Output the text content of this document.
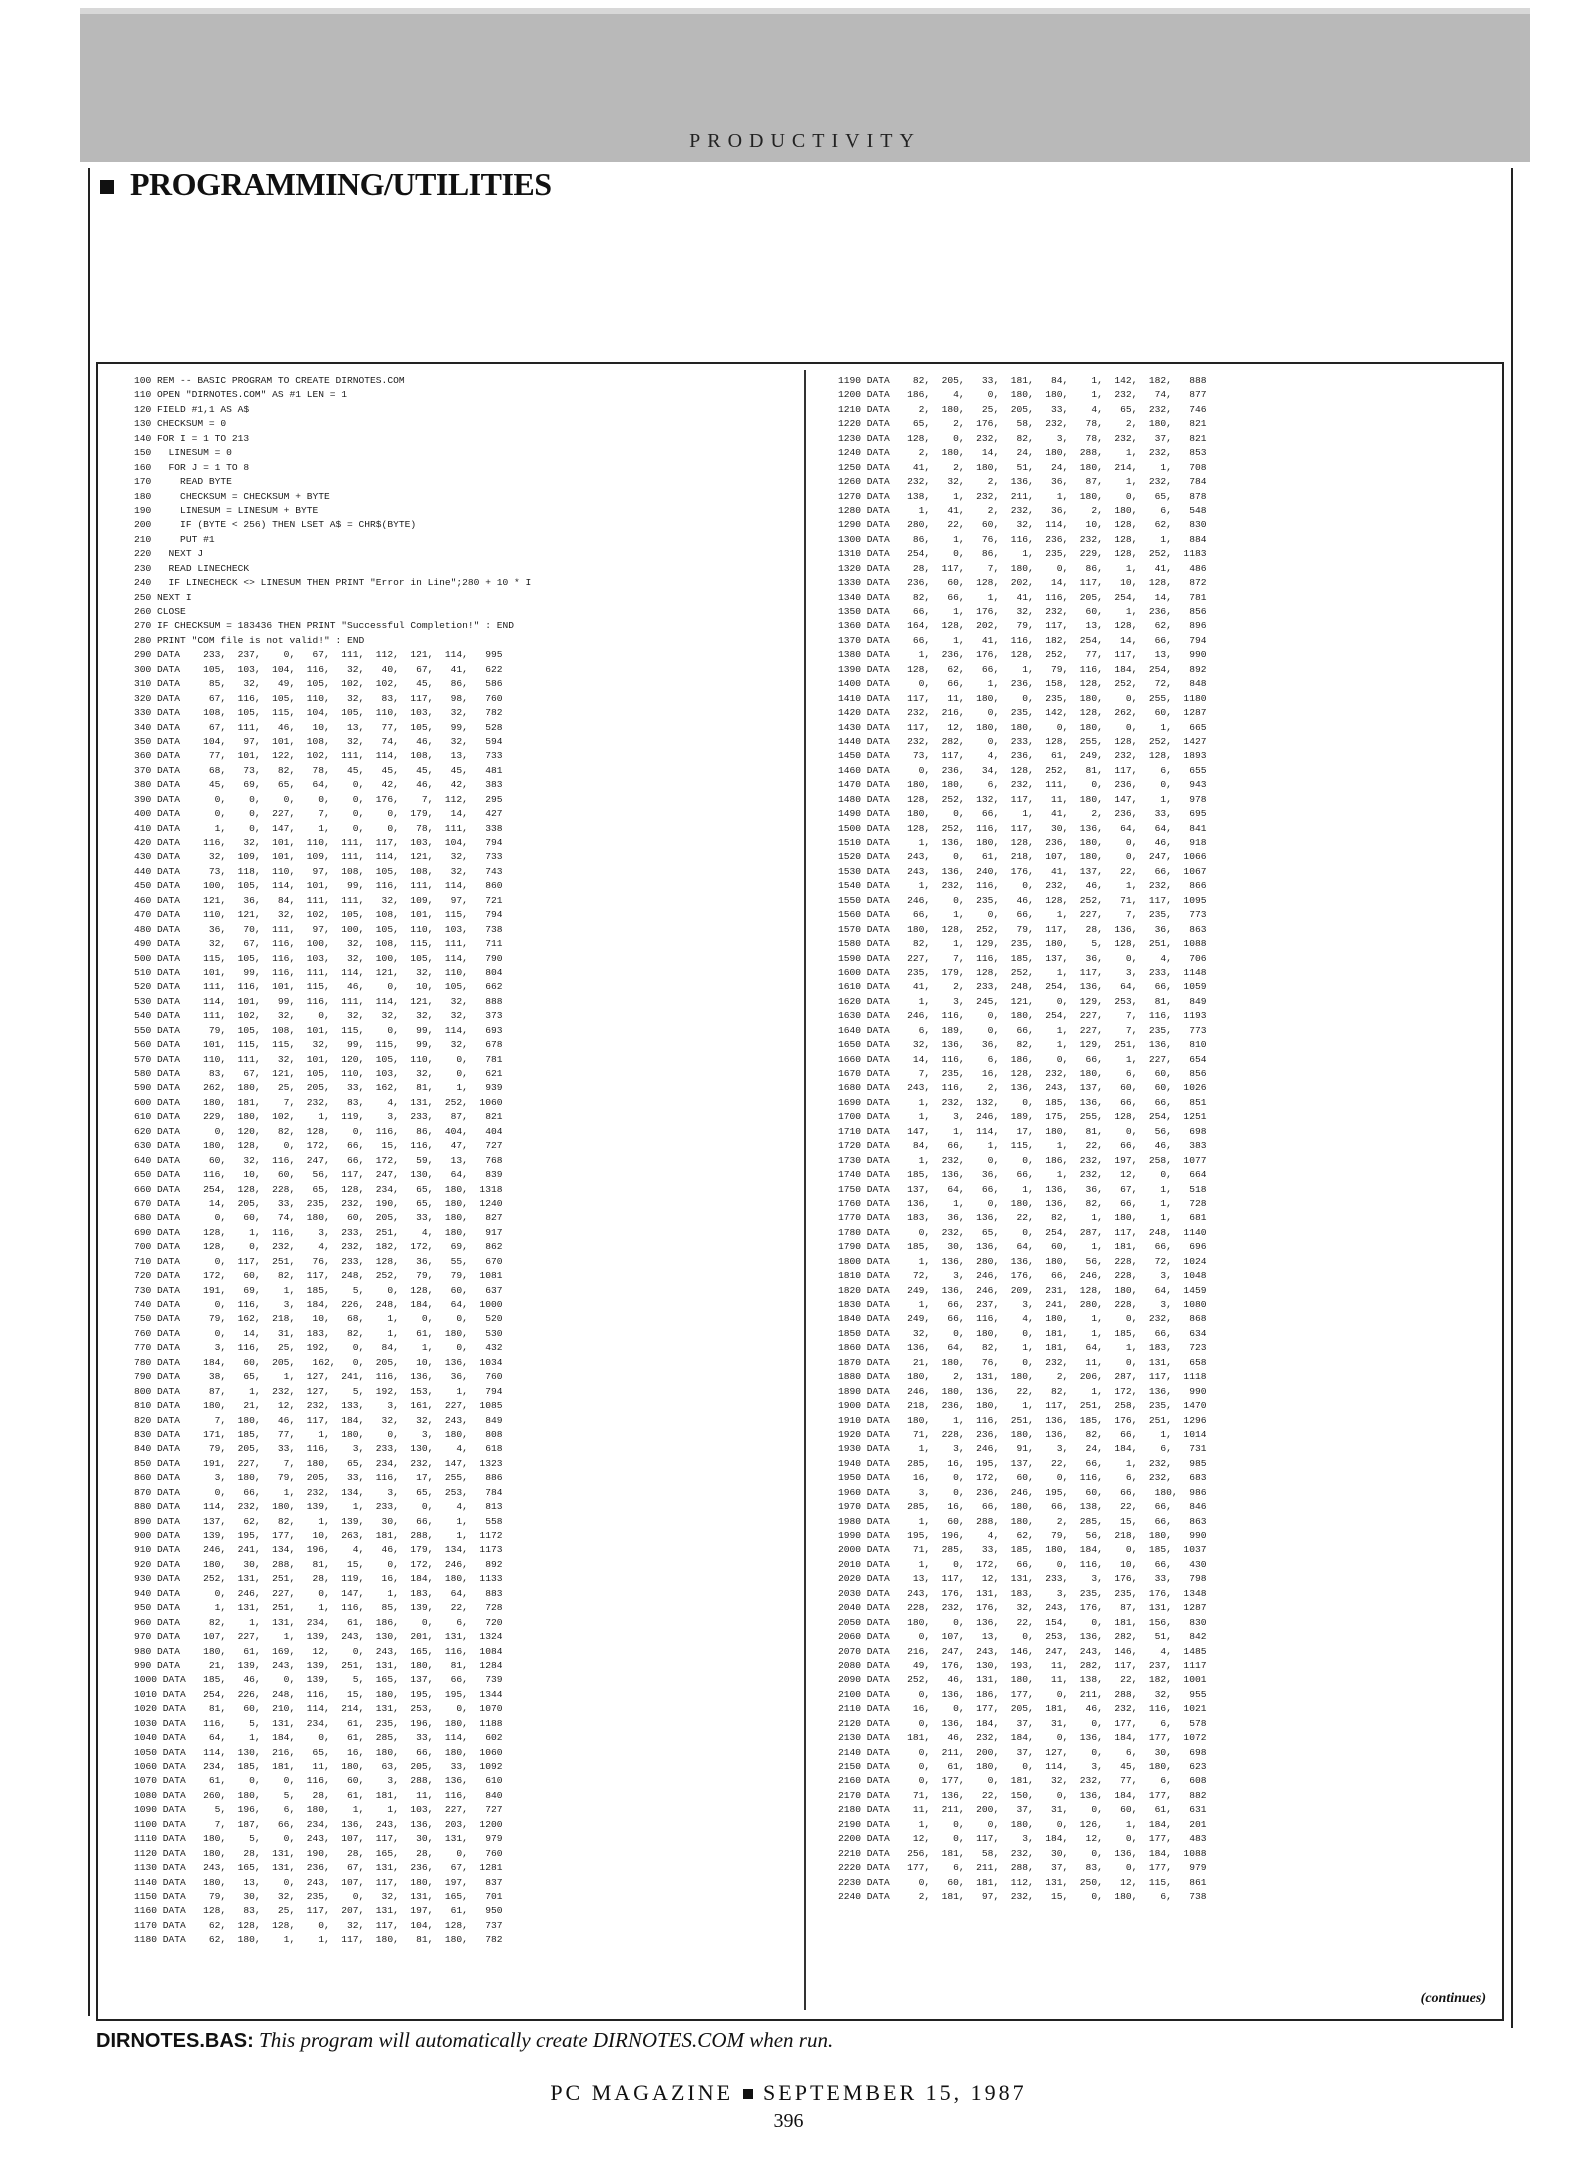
PRODUCTIVITY
PROGRAMMING/UTILITIES
100 REM -- BASIC PROGRAM TO CREATE DIRNOTES.COM
110 OPEN "DIRNOTES.COM" AS #1 LEN = 1
120 FIELD #1,1 AS A$
130 CHECKSUM = 0
140 FOR I = 1 TO 213
150   LINESUM = 0
160   FOR J = 1 TO 8
170     READ BYTE
180     CHECKSUM = CHECKSUM + BYTE
190     LINESUM = LINESUM + BYTE
200     IF (BYTE < 256) THEN LSET A$ = CHR$(BYTE)
210     PUT #1
220   NEXT J
230   READ LINECHECK
240   IF LINECHECK <> LINESUM THEN PRINT "Error in Line";280 + 10 * I
250 NEXT I
260 CLOSE
270 IF CHECKSUM = 183436 THEN PRINT "Successful Completion!" : END
280 PRINT "COM file is not valid!" : END
290 DATA    233,  237,    0,   67,  111,  112,  121,  114,   995
300 DATA    105,  103,  104,  116,   32,   40,   67,   41,   622
310 DATA     85,   32,   49,  105,  102,  102,   45,   86,   586
320 DATA     67,  116,  105,  110,   32,   83,  117,   98,   760
330 DATA    108,  105,  115,  104,  105,  110,  103,   32,   782
340 DATA     67,  111,   46,   10,   13,   77,  105,   99,   528
350 DATA    104,   97,  101,  108,   32,   74,   46,   32,   594
360 DATA     77,  101,  122,  102,  111,  114,  108,   13,   733
370 DATA     68,   73,   82,   78,   45,   45,   45,   45,   481
380 DATA     45,   69,   65,   64,    0,   42,   46,   42,   383
390 DATA      0,    0,    0,    0,    0,  176,    7,  112,   295
400 DATA      0,    0,  227,    7,    0,    0,  179,   14,   427
410 DATA      1,    0,  147,    1,    0,    0,   78,  111,   338
420 DATA    116,   32,  101,  110,  111,  117,  103,  104,   794
430 DATA     32,  109,  101,  109,  111,  114,  121,   32,   733
440 DATA     73,  118,  110,   97,  108,  105,  108,   32,   743
450 DATA    100,  105,  114,  101,   99,  116,  111,  114,   860
460 DATA    121,   36,   84,  111,  111,   32,  109,   97,   721
470 DATA    110,  121,   32,  102,  105,  108,  101,  115,   794
480 DATA     36,   70,  111,   97,  100,  105,  110,  103,   738
490 DATA     32,   67,  116,  100,   32,  108,  115,  111,   711
500 DATA    115,  105,  116,  103,   32,  100,  105,  114,   790
510 DATA    101,   99,  116,  111,  114,  121,   32,  110,   804
520 DATA    111,  116,  101,  115,   46,    0,   10,  105,   662
530 DATA    114,  101,   99,  116,  111,  114,  121,   32,   888
540 DATA    111,  102,   32,    0,   32,   32,   32,   32,   373
550 DATA     79,  105,  108,  101,  115,    0,   99,  114,   693
560 DATA    101,  115,  115,   32,   99,  115,   99,   32,   678
570 DATA    110,  111,   32,  101,  120,  105,  110,    0,   781
580 DATA     83,   67,  121,  105,  110,  103,   32,    0,   621
590 DATA    262,  180,   25,  205,   33,  162,   81,    1,   939
600 DATA    180,  181,    7,  232,   83,    4,  131,  252,  1060
610 DATA    229,  180,  102,    1,  119,    3,  233,   87,   821
620 DATA      0,  120,   82,  128,    0,  116,   86,  404,   404
630 DATA    180,  128,    0,  172,   66,   15,  116,   47,   727
640 DATA     60,   32,  116,  247,   66,  172,   59,   13,   768
650 DATA    116,   10,   60,   56,  117,  247,  130,   64,   839
660 DATA    254,  128,  228,   65,  128,  234,   65,  180,  1318
670 DATA     14,  205,   33,  235,  232,  190,   65,  180,  1240
680 DATA      0,   60,   74,  180,   60,  205,   33,  180,   827
690 DATA    128,    1,  116,    3,  233,  251,    4,  180,   917
700 DATA    128,    0,  232,    4,  232,  182,  172,   69,   862
710 DATA      0,  117,  251,   76,  233,  128,   36,   55,   670
720 DATA    172,   60,   82,  117,  248,  252,   79,   79,  1081
730 DATA    191,   69,    1,  185,    5,    0,  128,   60,   637
740 DATA      0,  116,    3,  184,  226,  248,  184,   64,  1000
750 DATA     79,  162,  218,   10,   68,    1,    0,    0,   520
760 DATA      0,   14,   31,  183,   82,    1,   61,  180,   530
770 DATA      3,  116,   25,  192,    0,   84,    1,    0,   432
780 DATA    184,   60,  205,   162,   0,  205,   10,  136,  1034
790 DATA     38,   65,    1,  127,  241,  116,  136,   36,   760
800 DATA     87,    1,  232,  127,    5,  192,  153,    1,   794
810 DATA    180,   21,   12,  232,  133,    3,  161,  227,  1085
820 DATA      7,  180,   46,  117,  184,   32,   32,  243,   849
830 DATA    171,  185,   77,    1,  180,    0,    3,  180,   808
840 DATA     79,  205,   33,  116,    3,  233,  130,    4,   618
850 DATA    191,  227,    7,  180,   65,  234,  232,  147,  1323
860 DATA      3,  180,   79,  205,   33,  116,   17,  255,   886
870 DATA      0,   66,    1,  232,  134,    3,   65,  253,   784
880 DATA    114,  232,  180,  139,    1,  233,    0,    4,   813
890 DATA    137,   62,   82,    1,  139,   30,   66,    1,   558
900 DATA    139,  195,  177,   10,  263,  181,  288,    1,  1172
910 DATA    246,  241,  134,  196,    4,   46,  179,  134,  1173
920 DATA    180,   30,  288,   81,   15,    0,  172,  246,   892
930 DATA    252,  131,  251,   28,  119,   16,  184,  180,  1133
940 DATA      0,  246,  227,    0,  147,    1,  183,   64,   883
950 DATA      1,  131,  251,    1,  116,   85,  139,   22,   728
960 DATA     82,    1,  131,  234,   61,  186,    0,    6,   720
970 DATA    107,  227,    1,  139,  243,  130,  201,  131,  1324
980 DATA    180,   61,  169,   12,    0,  243,  165,  116,  1084
990 DATA     21,  139,  243,  139,  251,  131,  180,   81,  1284
1000 DATA   185,   46,    0,  139,    5,  165,  137,   66,   739
1010 DATA   254,  226,  248,  116,   15,  180,  195,  195,  1344
1020 DATA    81,   60,  210,  114,  214,  131,  253,    0,  1070
1030 DATA   116,    5,  131,  234,   61,  235,  196,  180,  1188
1040 DATA    64,    1,  184,    0,   61,  285,   33,  114,   602
1050 DATA   114,  130,  216,   65,   16,  180,   66,  180,  1060
1060 DATA   234,  185,  181,   11,  180,   63,  205,   33,  1092
1070 DATA    61,    0,    0,  116,   60,    3,  288,  136,   610
1080 DATA   260,  180,    5,   28,   61,  181,   11,  116,   840
1090 DATA     5,  196,    6,  180,    1,    1,  103,  227,   727
1100 DATA     7,  187,   66,  234,  136,  243,  136,  203,  1200
1110 DATA   180,    5,    0,  243,  107,  117,   30,  131,   979
1120 DATA   180,   28,  131,  190,   28,  165,   28,    0,   760
1130 DATA   243,  165,  131,  236,   67,  131,  236,   67,  1281
1140 DATA   180,   13,    0,  243,  107,  117,  180,  197,   837
1150 DATA    79,   30,   32,  235,    0,   32,  131,  165,   701
1160 DATA   128,   83,   25,  117,  207,  131,  197,   61,   950
1170 DATA    62,  128,  128,    0,   32,  117,  104,  128,   737
1180 DATA    62,  180,    1,    1,  117,  180,   81,  180,   782
1190 DATA    82,  205,   33,  181,   84,    1,  142,  182,   888
1200 DATA   186,    4,    0,  180,  180,    1,  232,   74,   877
1210 DATA     2,  180,   25,  205,   33,    4,   65,  232,   746
1220 DATA    65,    2,  176,   58,  232,   78,    2,  180,   821
1230 DATA   128,    0,  232,   82,    3,   78,  232,   37,   821
1240 DATA     2,  180,   14,   24,  180,  288,    1,  232,   853
1250 DATA    41,    2,  180,   51,   24,  180,  214,    1,   708
1260 DATA   232,   32,    2,  136,   36,   87,    1,  232,   784
1270 DATA   138,    1,  232,  211,    1,  180,    0,   65,   878
1280 DATA     1,   41,    2,  232,   36,    2,  180,    6,   548
1290 DATA   280,   22,   60,   32,  114,   10,  128,   62,   830
1300 DATA    86,    1,   76,  116,  236,  232,  128,    1,   884
1310 DATA   254,    0,   86,    1,  235,  229,  128,  252,  1183
1320 DATA    28,  117,    7,  180,    0,   86,    1,   41,   486
1330 DATA   236,   60,  128,  202,   14,  117,   10,  128,   872
1340 DATA    82,   66,    1,   41,  116,  205,  254,   14,   781
1350 DATA    66,    1,  176,   32,  232,   60,    1,  236,   856
1360 DATA   164,  128,  202,   79,  117,   13,  128,   62,   896
1370 DATA    66,    1,   41,  116,  182,  254,   14,   66,   794
1380 DATA     1,  236,  176,  128,  252,   77,  117,   13,   990
1390 DATA   128,   62,   66,    1,   79,  116,  184,  254,   892
1400 DATA     0,   66,    1,  236,  158,  128,  252,   72,   848
1410 DATA   117,   11,  180,    0,  235,  180,    0,  255,  1180
1420 DATA   232,  216,    0,  235,  142,  128,  262,   60,  1287
1430 DATA   117,   12,  180,  180,    0,  180,    0,    1,   665
1440 DATA   232,  282,    0,  233,  128,  255,  128,  252,  1427
1450 DATA    73,  117,    4,  236,   61,  249,  232,  128,  1893
1460 DATA     0,  236,   34,  128,  252,   81,  117,    6,   655
1470 DATA   180,  180,    6,  232,  111,    0,  236,    0,   943
1480 DATA   128,  252,  132,  117,   11,  180,  147,    1,   978
1490 DATA   180,    0,   66,    1,   41,    2,  236,   33,   695
1500 DATA   128,  252,  116,  117,   30,  136,   64,   64,   841
1510 DATA     1,  136,  180,  128,  236,  180,    0,   46,   918
1520 DATA   243,    0,   61,  218,  107,  180,    0,  247,  1066
1530 DATA   243,  136,  240,  176,   41,  137,   22,   66,  1067
1540 DATA     1,  232,  116,    0,  232,   46,    1,  232,   866
1550 DATA   246,    0,  235,   46,  128,  252,   71,  117,  1095
1560 DATA    66,    1,    0,   66,    1,  227,    7,  235,   773
1570 DATA   180,  128,  252,   79,  117,   28,  136,   36,   863
1580 DATA    82,    1,  129,  235,  180,    5,  128,  251,  1088
1590 DATA   227,    7,  116,  185,  137,   36,    0,    4,   706
1600 DATA   235,  179,  128,  252,    1,  117,    3,  233,  1148
1610 DATA    41,    2,  233,  248,  254,  136,   64,   66,  1059
1620 DATA     1,    3,  245,  121,    0,  129,  253,   81,   849
1630 DATA   246,  116,    0,  180,  254,  227,    7,  116,  1193
1640 DATA     6,  189,    0,   66,    1,  227,    7,  235,   773
1650 DATA    32,  136,   36,   82,    1,  129,  251,  136,   810
1660 DATA    14,  116,    6,  186,    0,   66,    1,  227,   654
1670 DATA     7,  235,   16,  128,  232,  180,    6,   60,   856
1680 DATA   243,  116,    2,  136,  243,  137,   60,   60,  1026
1690 DATA     1,  232,  132,    0,  185,  136,   66,   66,   851
1700 DATA     1,    3,  246,  189,  175,  255,  128,  254,  1251
1710 DATA   147,    1,  114,   17,  180,   81,    0,   56,   698
1720 DATA    84,   66,    1,  115,    1,   22,   66,   46,   383
1730 DATA     1,  232,    0,    0,  186,  232,  197,  258,  1077
1740 DATA   185,  136,   36,   66,    1,  232,   12,    0,   664
1750 DATA   137,   64,   66,    1,  136,   36,   67,    1,   518
1760 DATA   136,    1,    0,  180,  136,   82,   66,    1,   728
1770 DATA   183,   36,  136,   22,   82,    1,  180,    1,   681
1780 DATA     0,  232,   65,    0,  254,  287,  117,  248,  1140
1790 DATA   185,   30,  136,   64,   60,    1,  181,   66,   696
1800 DATA     1,  136,  280,  136,  180,   56,  228,   72,  1024
1810 DATA    72,    3,  246,  176,   66,  246,  228,    3,  1048
1820 DATA   249,  136,  246,  209,  231,  128,  180,   64,  1459
1830 DATA     1,   66,  237,    3,  241,  280,  228,    3,  1080
1840 DATA   249,   66,  116,    4,  180,    1,    0,  232,   868
1850 DATA    32,    0,  180,    0,  181,    1,  185,   66,   634
1860 DATA   136,   64,   82,    1,  181,   64,    1,  183,   723
1870 DATA    21,  180,   76,    0,  232,   11,    0,  131,   658
1880 DATA   180,    2,  131,  180,    2,  206,  287,  117,  1118
1890 DATA   246,  180,  136,   22,   82,    1,  172,  136,   990
1900 DATA   218,  236,  180,    1,  117,  251,  258,  235,  1470
1910 DATA   180,    1,  116,  251,  136,  185,  176,  251,  1296
1920 DATA    71,  228,  236,  180,  136,   82,   66,    1,  1014
1930 DATA     1,    3,  246,   91,    3,   24,  184,    6,   731
1940 DATA   285,   16,  195,  137,   22,   66,    1,  232,   985
1950 DATA    16,    0,  172,   60,    0,  116,    6,  232,   683
1960 DATA     3,    0,  236,  246,  195,   60,   66,   180,  986
1970 DATA   285,   16,   66,  180,   66,  138,   22,   66,   846
1980 DATA     1,   60,  288,  180,    2,  285,   15,   66,   863
1990 DATA   195,  196,    4,   62,   79,   56,  218,  180,   990
2000 DATA    71,  285,   33,  185,  180,  184,    0,  185,  1037
2010 DATA     1,    0,  172,   66,    0,  116,   10,   66,   430
2020 DATA    13,  117,   12,  131,  233,    3,  176,   33,   798
2030 DATA   243,  176,  131,  183,    3,  235,  235,  176,  1348
2040 DATA   228,  232,  176,   32,  243,  176,   87,  131,  1287
2050 DATA   180,    0,  136,   22,  154,    0,  181,  156,   830
2060 DATA     0,  107,   13,    0,  253,  136,  282,   51,   842
2070 DATA   216,  247,  243,  146,  247,  243,  146,    4,  1485
2080 DATA    49,  176,  130,  193,   11,  282,  117,  237,  1117
2090 DATA   252,   46,  131,  180,   11,  138,   22,  182,  1001
2100 DATA     0,  136,  186,  177,    0,  211,  288,   32,   955
2110 DATA    16,    0,  177,  205,  181,   46,  232,  116,  1021
2120 DATA     0,  136,  184,   37,   31,    0,  177,    6,   578
2130 DATA   181,   46,  232,  184,    0,  136,  184,  177,  1072
2140 DATA     0,  211,  200,   37,  127,    0,    6,   30,   698
2150 DATA     0,   61,  180,    0,  114,    3,   45,  180,   623
2160 DATA     0,  177,    0,  181,   32,  232,   77,    6,   608
2170 DATA    71,  136,   22,  150,    0,  136,  184,  177,   882
2180 DATA    11,  211,  200,   37,   31,    0,   60,   61,   631
2190 DATA     1,    0,    0,  180,    0,  126,    1,  184,   201
2200 DATA    12,    0,  117,    3,  184,   12,    0,  177,   483
2210 DATA   256,  181,   58,  232,   30,    0,  136,  184,  1088
2220 DATA   177,    6,  211,  288,   37,   83,    0,  177,   979
2230 DATA     0,   60,  181,  112,  131,  250,   12,  115,   861
2240 DATA     2,  181,   97,  232,   15,    0,  180,    6,   738
(continues)
DIRNOTES.BAS: This program will automatically create DIRNOTES.COM when run.
PC MAGAZINE SEPTEMBER 15, 1987
396
